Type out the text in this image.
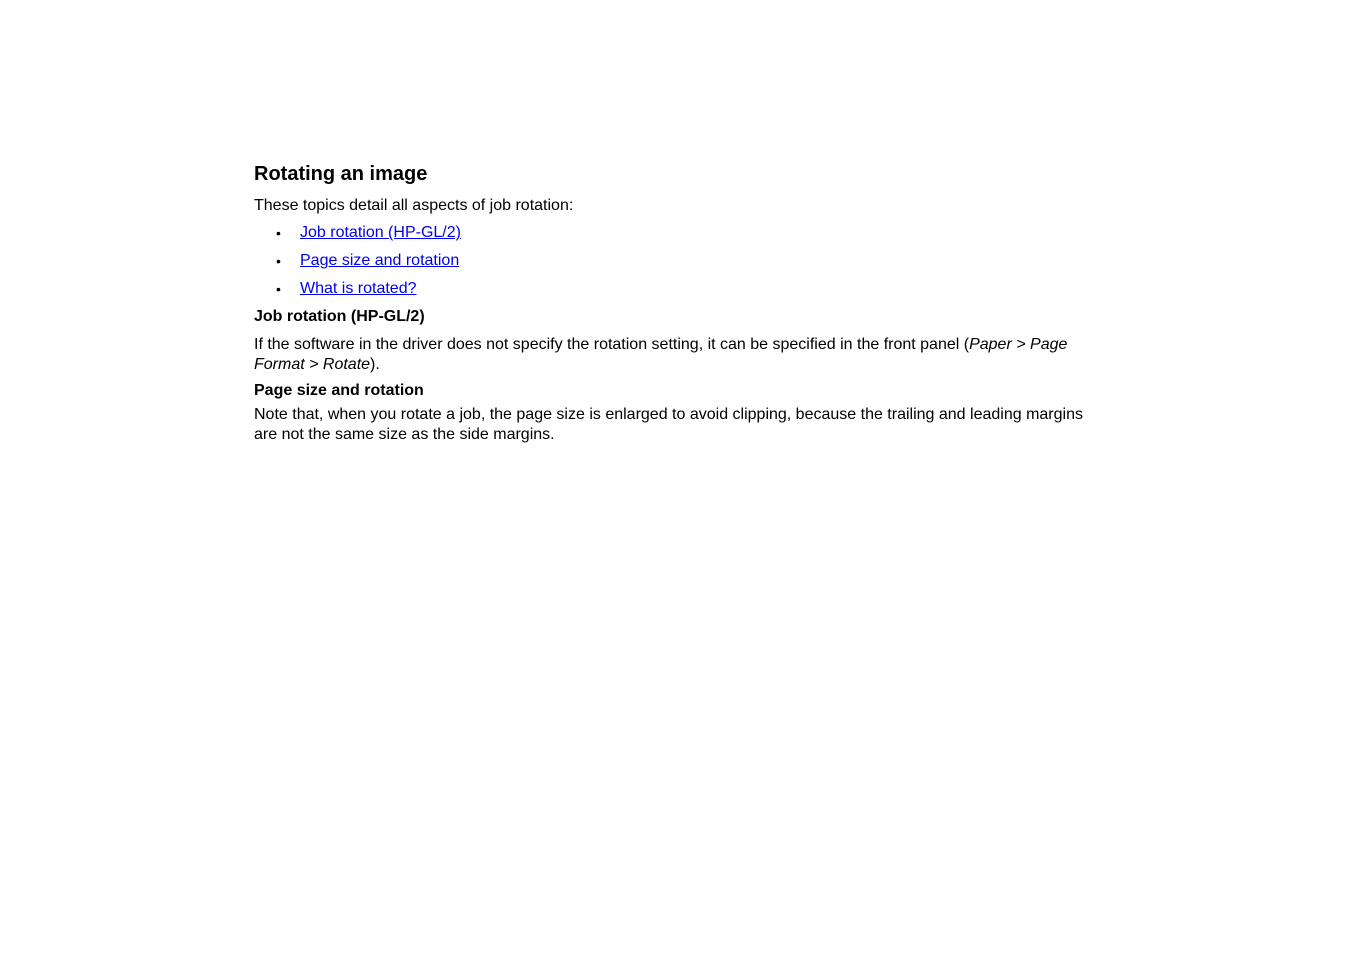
Rotating an image

These topics detail all aspects of job rotation:

• Job rotation (HP-GL/2)
• Page size and rotation
• What is rotated?
Job rotation (HP-GL/2)

If the software in the driver does not specify the rotation setting, it can be specified in the front panel (Paper > Page Format > Rotate).

Page size and rotation

Note that, when you rotate a job, the page size is enlarged to avoid clipping, because the trailing and leading margins are not the same size as the side margins.
